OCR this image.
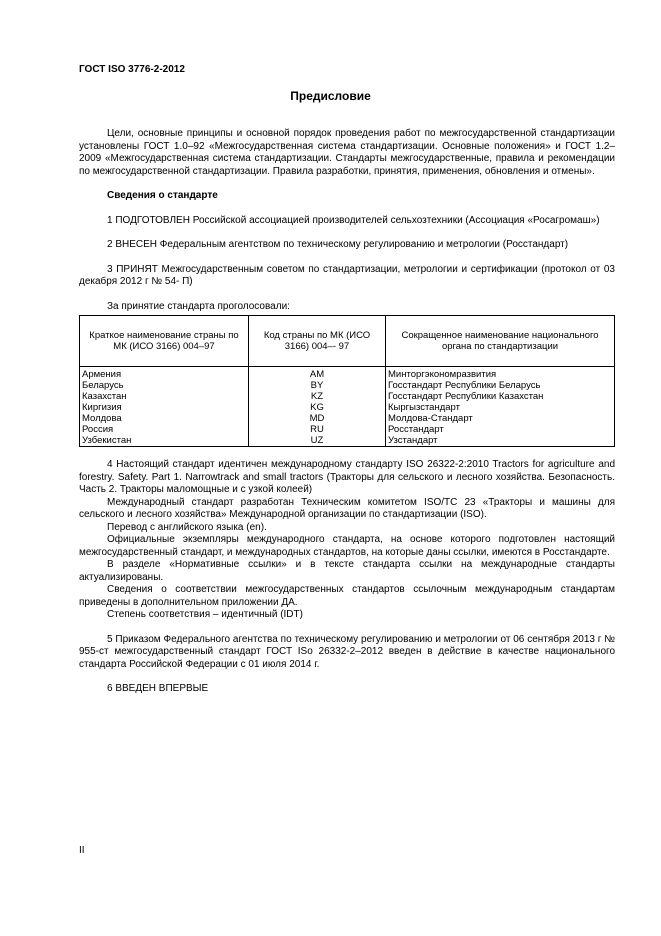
ГОСТ ISO 3776-2-2012
Предисловие

Цели, основные принципы и основной порядок проведения работ по межгосударственной стандартизации установлены ГОСТ 1.0–92 «Межгосударственная система стандартизации. Основные положения» и ГОСТ 1.2–2009 «Межгосударственная система стандартизации. Стандарты межгосударственные, правила и рекомендации по межгосударственной стандартизации. Правила разработки, принятия, применения, обновления и отмены».

Сведения о стандарте

1 ПОДГОТОВЛЕН Российской ассоциацией производителей сельхозтехники (Ассоциация «Росагромаш»)

2 ВНЕСЕН Федеральным агентством по техническому регулированию и метрологии (Росстандарт)

3 ПРИНЯТ Межгосударственным советом по стандартизации, метрологии и сертификации (протокол от 03 декабря 2012 г № 54- П)

За принятие стандарта проголосовали:

Краткое наименование страны по МК (ИСО 3166) 004–97	Код страны по МК (ИСО 3166) 004–- 97	Сокращенное наименование национального органа по стандартизации
Армения	AM	Минторгэкономразвития
Беларусь	BY	Госстандарт Республики Беларусь
Казахстан	KZ	Госстандарт Республики Казахстан
Киргизия	KG	Кыргызстандарт
Молдова	MD	Молдова-Стандарт
Россия	RU	Росстандарт
Узбекистан	UZ	Узстандарт

4 Настоящий стандарт идентичен международному стандарту ISO 26322-2:2010 Tractors for agriculture and forestry. Safety. Part 1. Narrowtrack and small tractors (Тракторы для сельского и лесного хозяйства. Безопасность. Часть 2. Тракторы маломощные и с узкой колеей)

Международный стандарт разработан Техническим комитетом ISO/TC 23 «Тракторы и машины для сельского и лесного хозяйства» Международной организации по стандартизации (ISO).

Перевод с английского языка (en).

Официальные экземпляры международного стандарта, на основе которого подготовлен настоящий межгосударственный стандарт, и международных стандартов, на которые даны ссылки, имеются в Росстандарте.

В разделе «Нормативные ссылки» и в тексте стандарта ссылки на международные стандарты актуализированы.

Сведения о соответствии межгосударственных стандартов ссылочным международным стандартам приведены в дополнительном приложении ДА.

Степень соответствия – идентичный (IDT)

5 Приказом Федерального агентства по техническому регулированию и метрологии от 06 сентября 2013 г № 955-ст межгосударственный стандарт ГОСТ ISo 26332-2–2012 введен в действие в качестве национального стандарта Российской Федерации с 01 июля 2014 г.

6 ВВЕДЕН ВПЕРВЫЕ

II
